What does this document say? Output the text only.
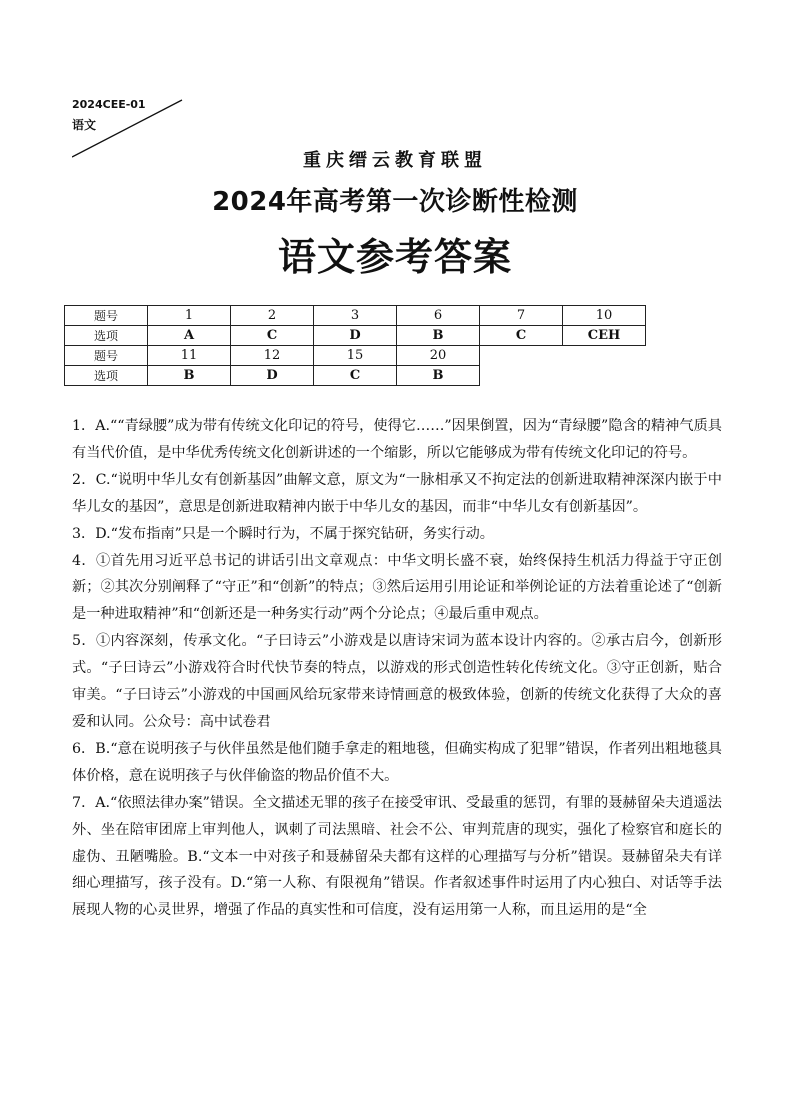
2024CEE-01
语文
重庆缙云教育联盟
2024年高考第一次诊断性检测
语文参考答案
题号	1	2	3	6	7	10
选项	A	C	D	B	C	CEH
题号	11	12	15	20		
选项	B	D	C	B		

1．A.““青绿腰”成为带有传统文化印记的符号，使得它……”因果倒置，因为“青绿腰”隐含的精神气质具有当代价值，是中华优秀传统文化创新讲述的一个缩影，所以它能够成为带有传统文化印记的符号。

2．C.“说明中华儿女有创新基因”曲解文意，原文为“一脉相承又不拘定法的创新进取精神深深内嵌于中华儿女的基因”，意思是创新进取精神内嵌于中华儿女的基因，而非“中华儿女有创新基因”。

3．D.“发布指南”只是一个瞬时行为，不属于探究钻研，务实行动。

4．①首先用习近平总书记的讲话引出文章观点：中华文明长盛不衰，始终保持生机活力得益于守正创新；②其次分别阐释了“守正”和“创新”的特点；③然后运用引用论证和举例论证的方法着重论述了“创新是一种进取精神”和“创新还是一种务实行动”两个分论点；④最后重申观点。

5．①内容深刻，传承文化。“子曰诗云”小游戏是以唐诗宋词为蓝本设计内容的。②承古启今，创新形式。“子曰诗云”小游戏符合时代快节奏的特点，以游戏的形式创造性转化传统文化。③守正创新，贴合审美。“子曰诗云”小游戏的中国画风给玩家带来诗情画意的极致体验，创新的传统文化获得了大众的喜爱和认同。公众号：高中试卷君

6．B.“意在说明孩子与伙伴虽然是他们随手拿走的粗地毯，但确实构成了犯罪”错误，作者列出粗地毯具体价格，意在说明孩子与伙伴偷盗的物品价值不大。

7．A.“依照法律办案”错误。全文描述无罪的孩子在接受审讯、受最重的惩罚，有罪的聂赫留朵夫逍遥法外、坐在陪审团席上审判他人，讽刺了司法黑暗、社会不公、审判荒唐的现实，强化了检察官和庭长的虚伪、丑陋嘴脸。B.“文本一中对孩子和聂赫留朵夫都有这样的心理描写与分析”错误。聂赫留朵夫有详细心理描写，孩子没有。D.“第一人称、有限视角”错误。作者叙述事件时运用了内心独白、对话等手法展现人物的心灵世界，增强了作品的真实性和可信度，没有运用第一人称，而且运用的是“全
